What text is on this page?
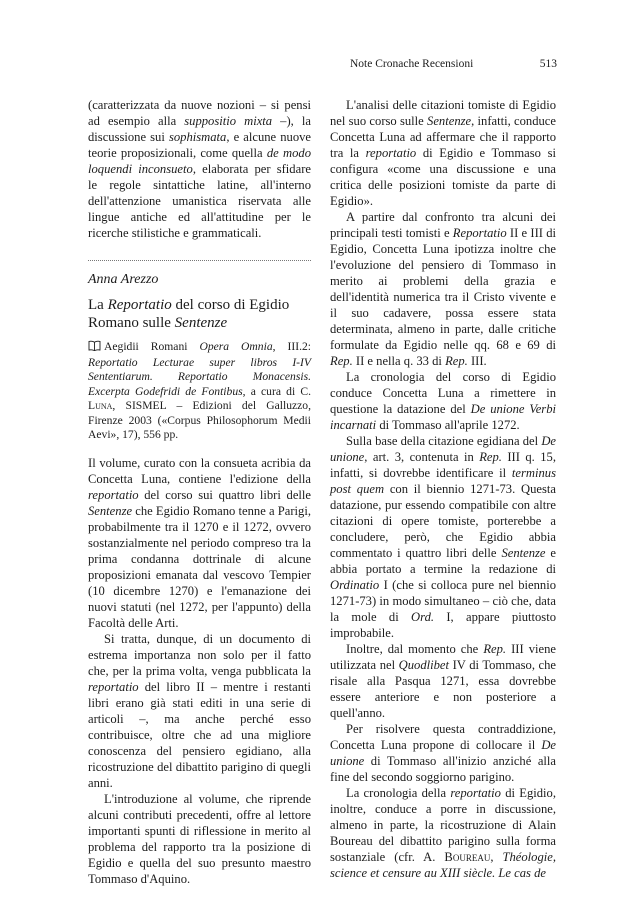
Note Cronache Recensioni	513

(caratterizzata da nuove nozioni – si pensi ad esempio alla suppositio mixta –), la discussione sui sophismata, e alcune nuove teorie proposizionali, come quella de modo loquendi inconsueto, elaborata per sfidare le regole sintattiche latine, all'interno dell'attenzione umanistica riservata alle lingue antiche ed all'attitudine per le ricerche stilistiche e grammaticali.

Anna Arezzo
La Reportatio del corso di Egidio Romano sulle Sentenze

Aegidii Romani Opera Omnia, III.2: Reportatio Lecturae super libros I-IV Sententiarum. Reportatio Monacensis. Excerpta Godefridi de Fontibus, a cura di C. Luna, SISMEL – Edizioni del Galluzzo, Firenze 2003 («Corpus Philosophorum Medii Aevi», 17), 556 pp.

Il volume, curato con la consueta acribia da Concetta Luna, contiene l'edizione della reportatio del corso sui quattro libri delle Sentenze che Egidio Romano tenne a Parigi, probabilmente tra il 1270 e il 1272, ovvero sostanzialmente nel periodo compreso tra la prima condanna dottrinale di alcune proposizioni emanata dal vescovo Tempier (10 dicembre 1270) e l'emanazione dei nuovi statuti (nel 1272, per l'appunto) della Facoltà delle Arti.

Si tratta, dunque, di un documento di estrema importanza non solo per il fatto che, per la prima volta, venga pubblicata la reportatio del libro II – mentre i restanti libri erano già stati editi in una serie di articoli –, ma anche perché esso contribuisce, oltre che ad una migliore conoscenza del pensiero egidiano, alla ricostruzione del dibattito parigino di quegli anni.

L'introduzione al volume, che riprende alcuni contributi precedenti, offre al lettore importanti spunti di riflessione in merito al problema del rapporto tra la posizione di Egidio e quella del suo presunto maestro Tommaso d'Aquino.

L'analisi delle citazioni tomiste di Egidio nel suo corso sulle Sentenze, infatti, conduce Concetta Luna ad affermare che il rapporto tra la reportatio di Egidio e Tommaso si configura «come una discussione e una critica delle posizioni tomiste da parte di Egidio».

A partire dal confronto tra alcuni dei principali testi tomisti e Reportatio II e III di Egidio, Concetta Luna ipotizza inoltre che l'evoluzione del pensiero di Tommaso in merito ai problemi della grazia e dell'identità numerica tra il Cristo vivente e il suo cadavere, possa essere stata determinata, almeno in parte, dalle critiche formulate da Egidio nelle qq. 68 e 69 di Rep. II e nella q. 33 di Rep. III.

La cronologia del corso di Egidio conduce Concetta Luna a rimettere in questione la datazione del De unione Verbi incarnati di Tommaso all'aprile 1272.

Sulla base della citazione egidiana del De unione, art. 3, contenuta in Rep. III q. 15, infatti, si dovrebbe identificare il terminus post quem con il biennio 1271-73. Questa datazione, pur essendo compatibile con altre citazioni di opere tomiste, porterebbe a concludere, però, che Egidio abbia commentato i quattro libri delle Sentenze e abbia portato a termine la redazione di Ordinatio I (che si colloca pure nel biennio 1271-73) in modo simultaneo – ciò che, data la mole di Ord. I, appare piuttosto improbabile.

Inoltre, dal momento che Rep. III viene utilizzata nel Quodlibet IV di Tommaso, che risale alla Pasqua 1271, essa dovrebbe essere anteriore e non posteriore a quell'anno.

Per risolvere questa contraddizione, Concetta Luna propone di collocare il De unione di Tommaso all'inizio anziché alla fine del secondo soggiorno parigino.

La cronologia della reportatio di Egidio, inoltre, conduce a porre in discussione, almeno in parte, la ricostruzione di Alain Boureau del dibattito parigino sulla forma sostanziale (cfr. A. Boureau, Théologie, science et censure au XIII siècle. Le cas de
